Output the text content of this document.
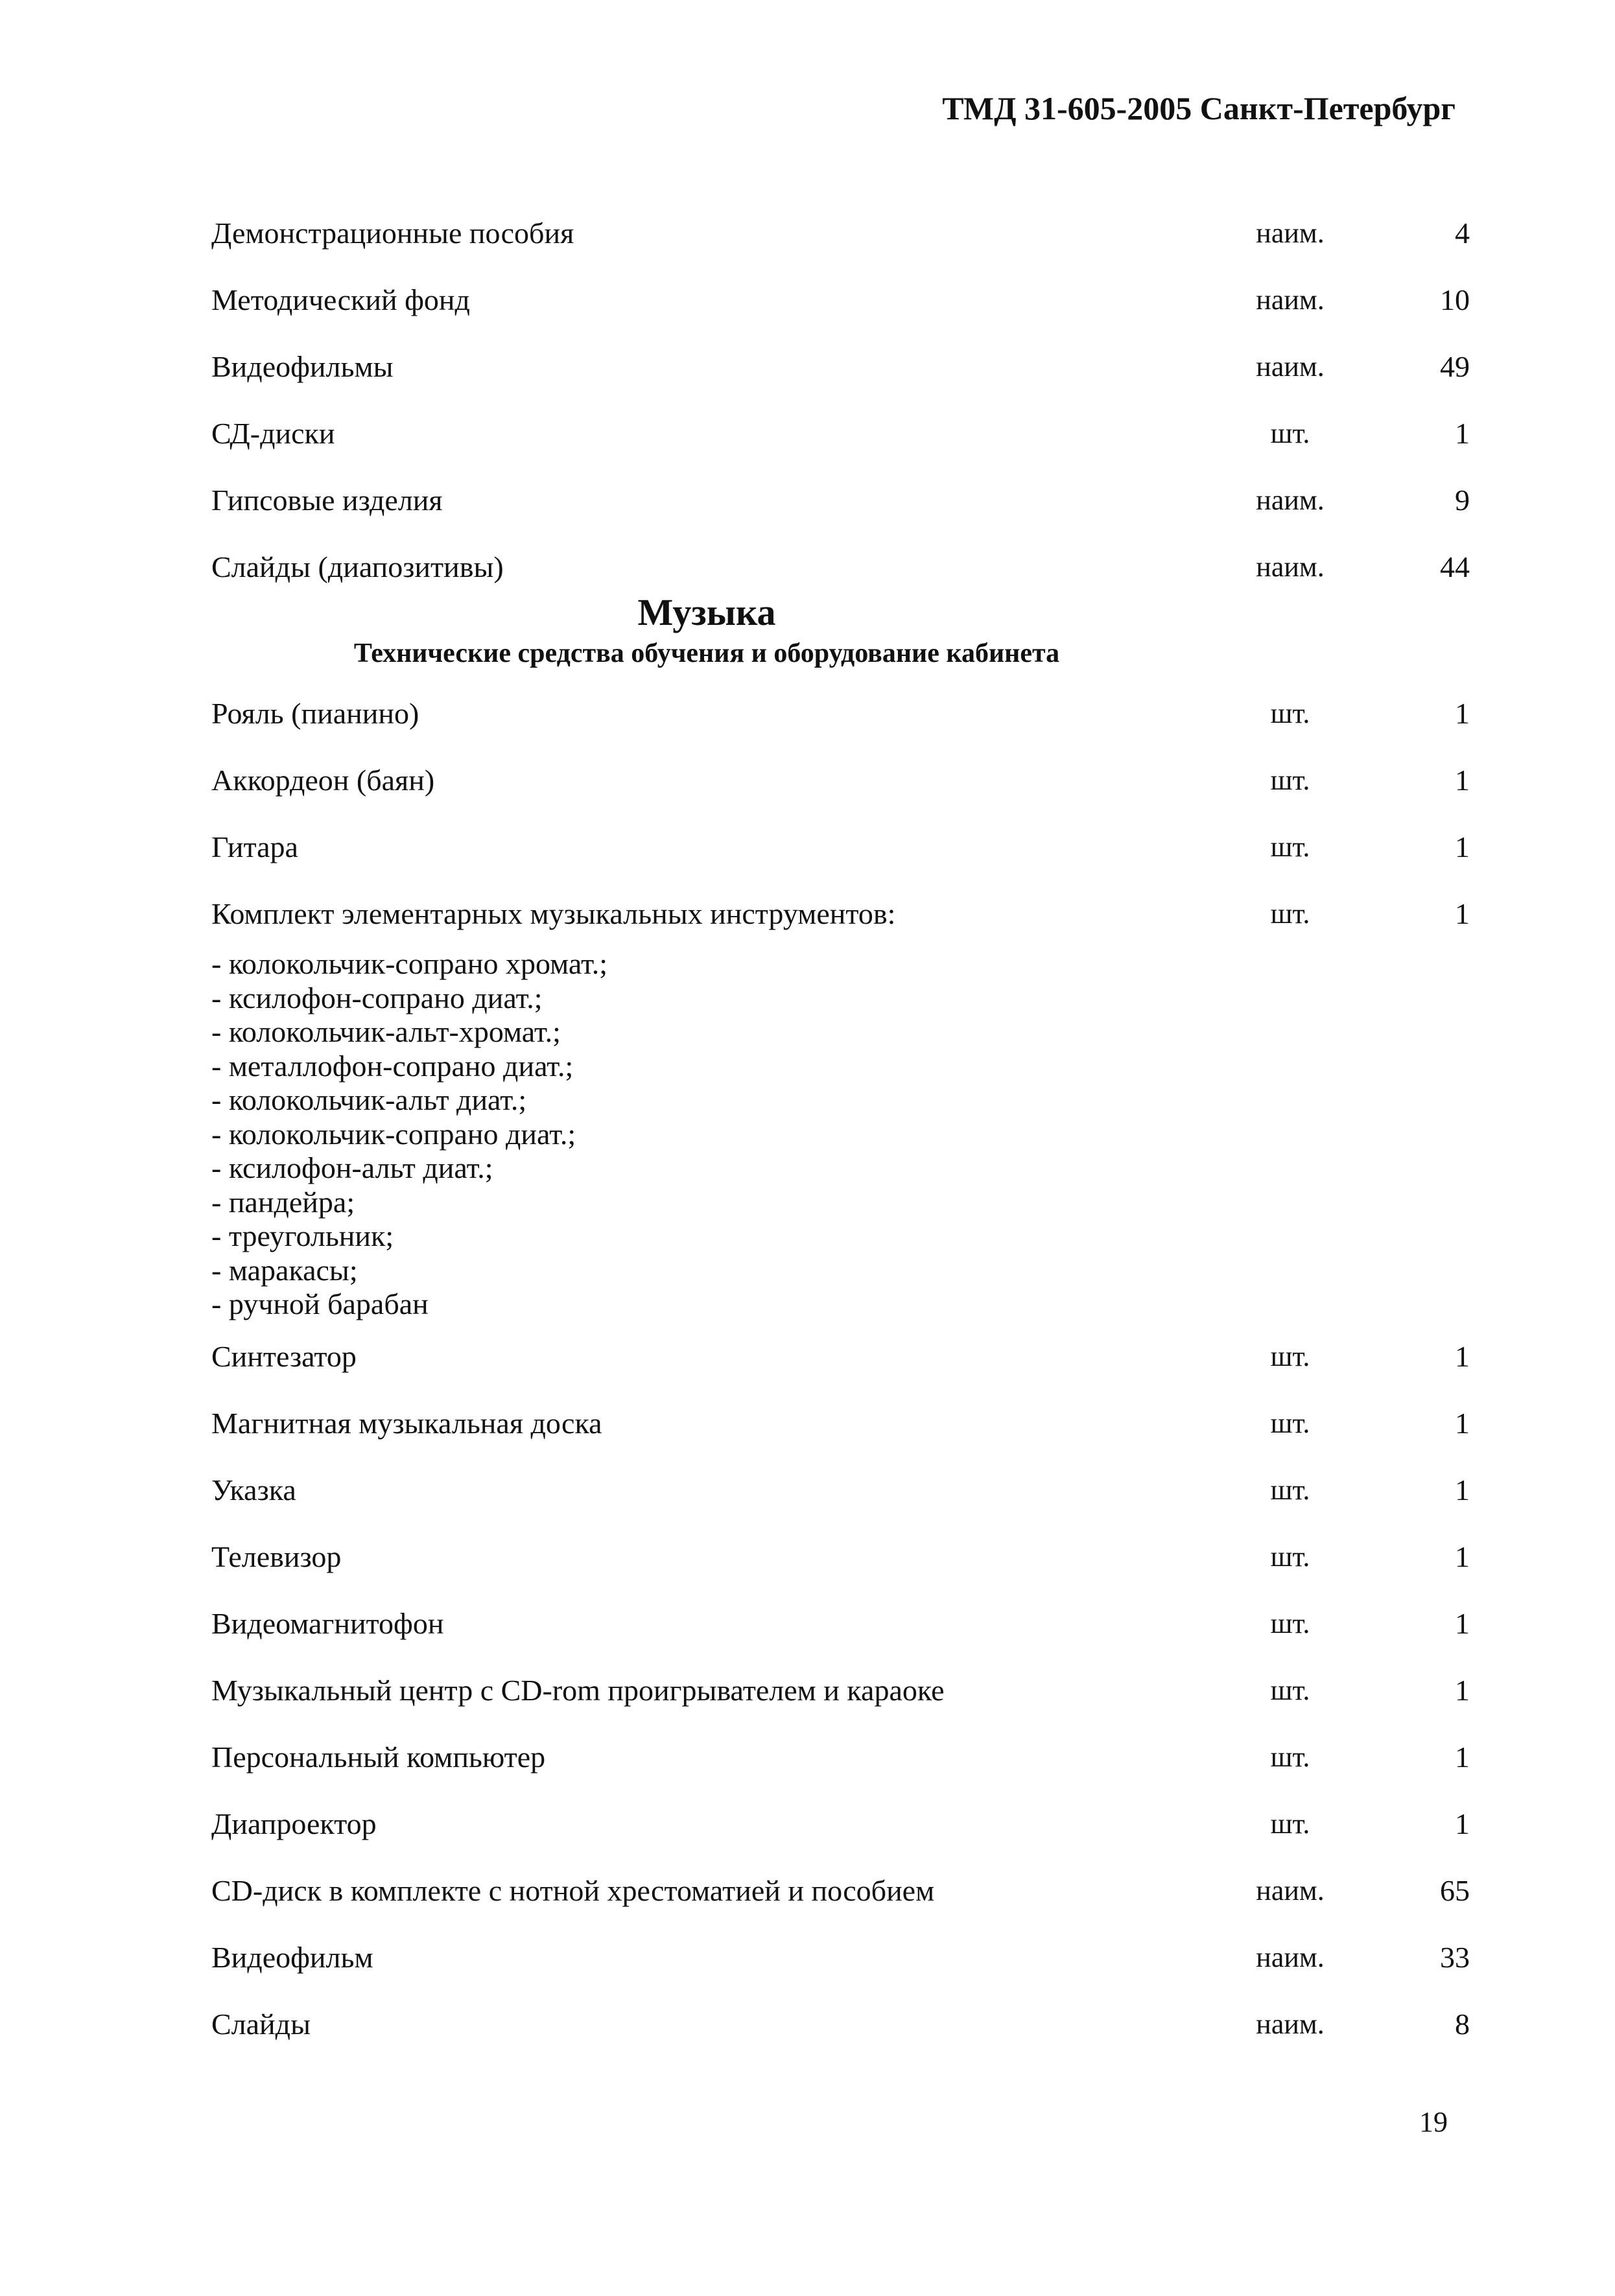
ТМД 31-605-2005 Санкт-Петербург
Демонстрационные пособия	наим.	4
Методический фонд	наим.	10
Видеофильмы	наим.	49
СД-диски	шт.	1
Гипсовые изделия	наим.	9
Слайды (диапозитивы)	наим.	44
Музыка
Технические средства обучения и оборудование кабинета
Рояль (пианино)	шт.	1
Аккордеон (баян)	шт.	1
Гитара	шт.	1
Комплект элементарных музыкальных инструментов:	шт.	1
- колокольчик-сопрано хромат.;
- ксилофон-сопрано диат.;
- колокольчик-альт-хромат.;
- металлофон-сопрано диат.;
- колокольчик-альт диат.;
- колокольчик-сопрано диат.;
- ксилофон-альт диат.;
- пандейра;
- треугольник;
- маракасы;
- ручной барабан
Синтезатор	шт.	1
Магнитная музыкальная доска	шт.	1
Указка	шт.	1
Телевизор	шт.	1
Видеомагнитофон	шт.	1
Музыкальный центр с CD-rom проигрывателем и караоке	шт.	1
Персональный компьютер	шт.	1
Диапроектор	шт.	1
CD-диск в комплекте с нотной хрестоматией и пособием	наим.	65
Видеофильм	наим.	33
Слайды	наим.	8
19
